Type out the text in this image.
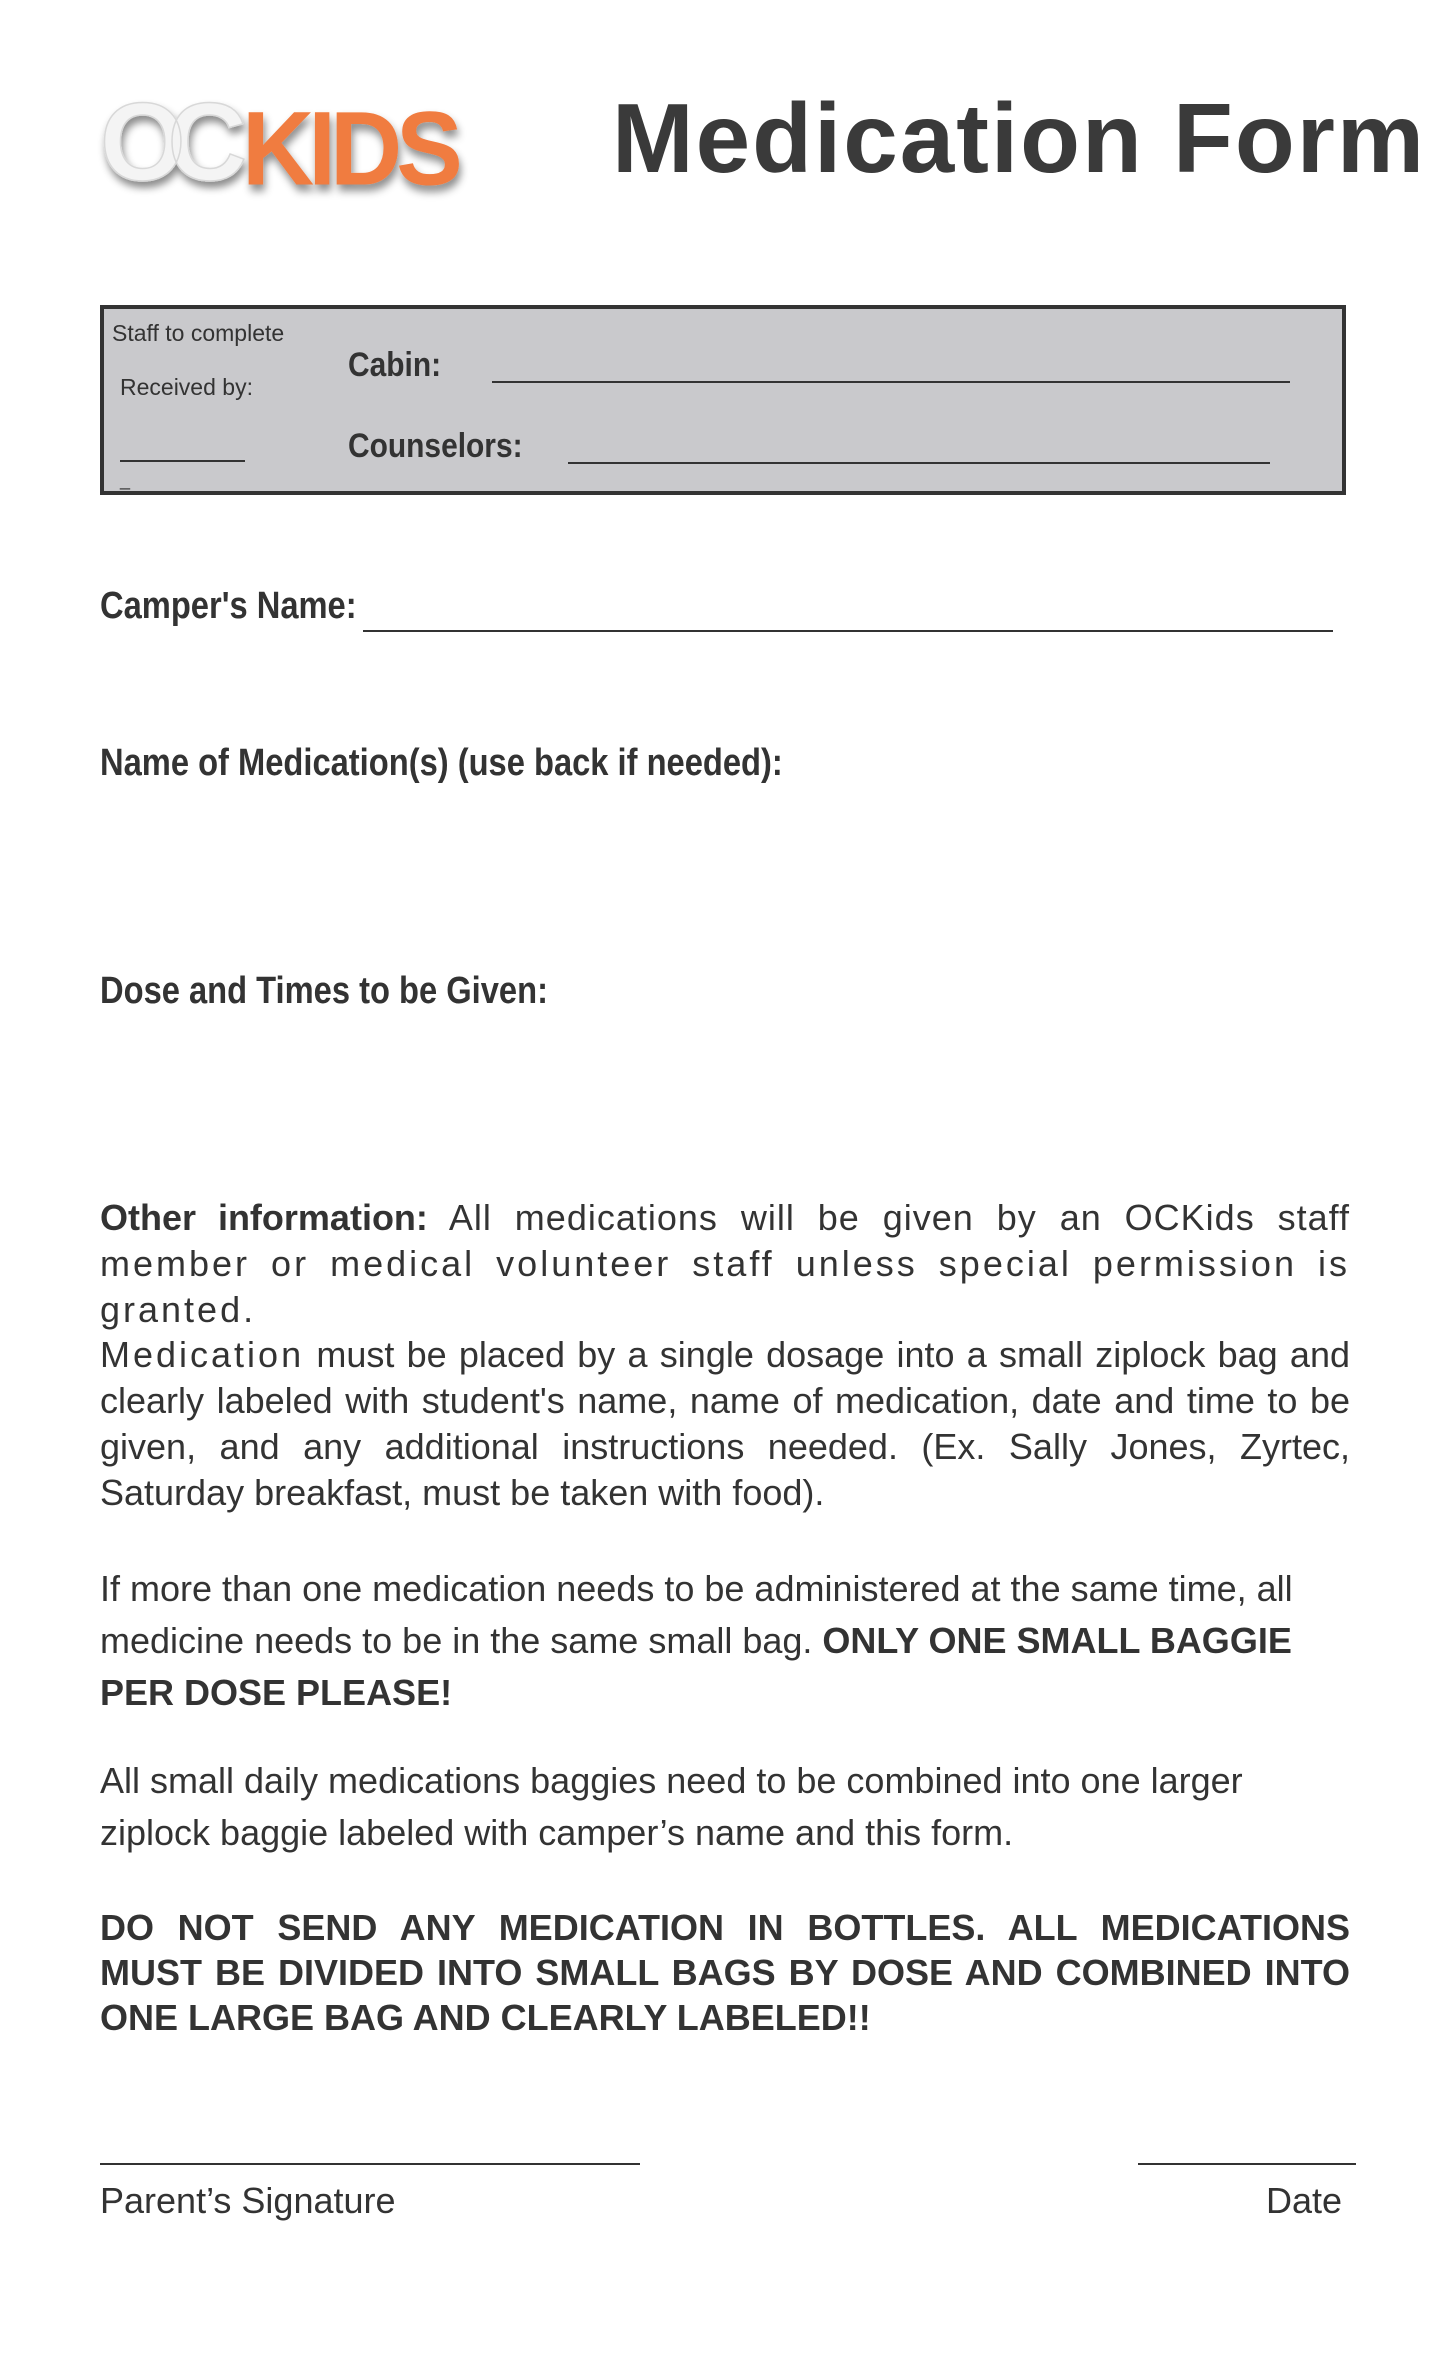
OC KIDS Medication Form
Staff to complete
Received by:
_
Cabin:
Counselors:
Camper's Name:
Name of Medication(s) (use back if needed):
Dose and Times to be Given:
Other information: All medications will be given by an OCKids staff member or medical volunteer staff unless special permission is granted.
Medication must be placed by a single dosage into a small ziplock bag and clearly labeled with student's name, name of medication, date and time to be given, and any additional instructions needed. (Ex. Sally Jones, Zyrtec, Saturday breakfast, must be taken with food).
If more than one medication needs to be administered at the same time, all medicine needs to be in the same small bag. ONLY ONE SMALL BAGGIE PER DOSE PLEASE!
All small daily medications baggies need to be combined into one larger ziplock baggie labeled with camper’s name and this form.
DO NOT SEND ANY MEDICATION IN BOTTLES. ALL MEDICATIONS MUST BE DIVIDED INTO SMALL BAGS BY DOSE AND COMBINED INTO ONE LARGE BAG AND CLEARLY LABELED!!
Parent’s Signature	Date
